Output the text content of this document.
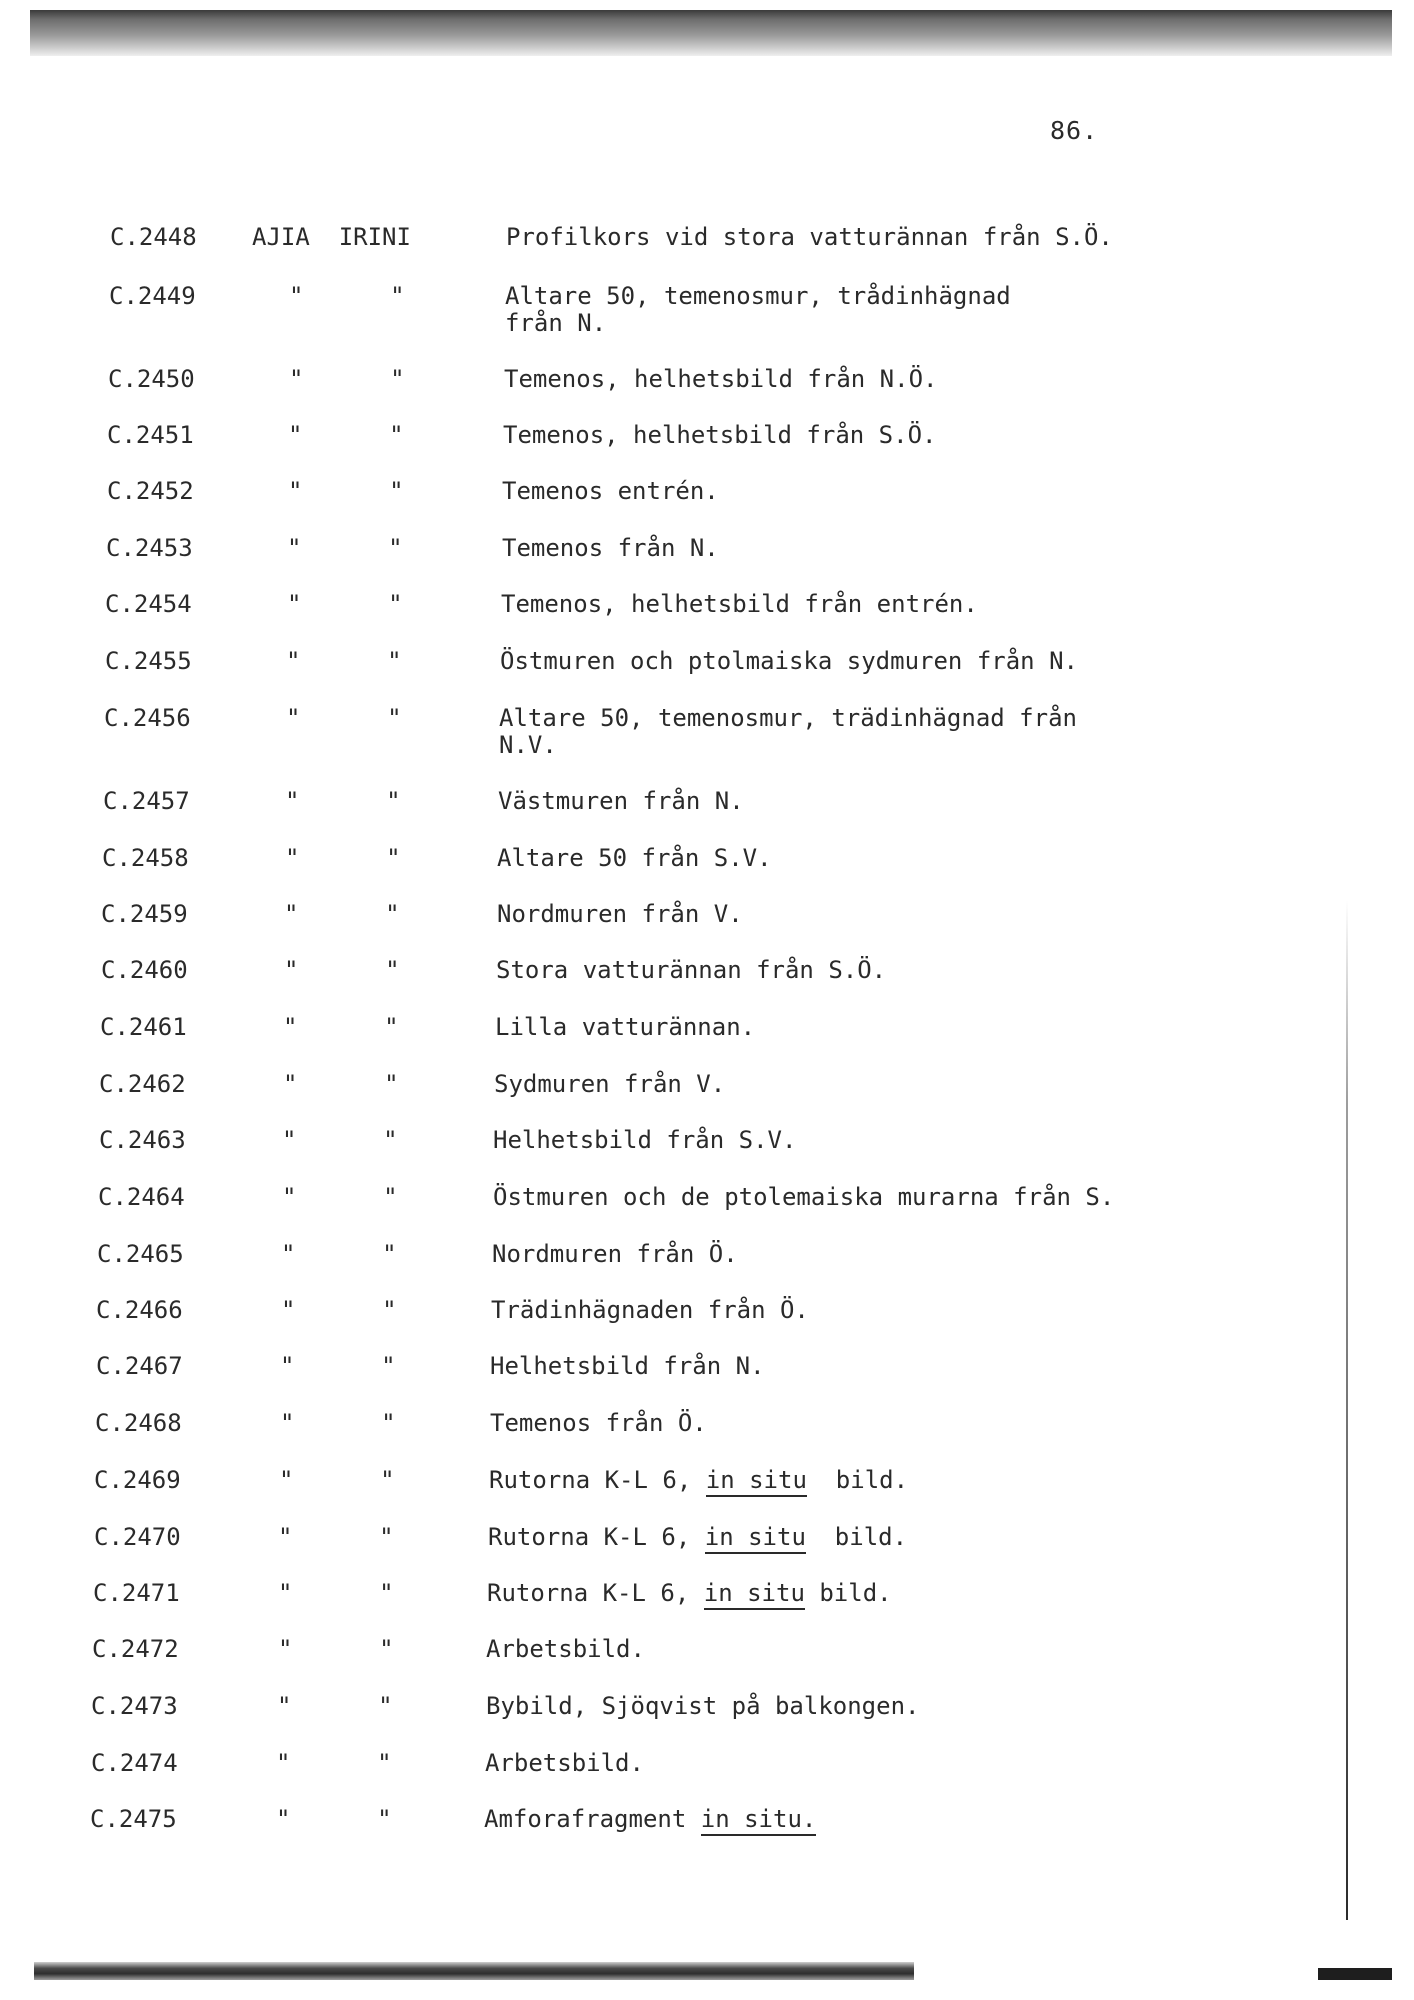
86.
C.2448 AJIA  IRINI	Profilkors vid stora vatturännan från S.Ö.
C.2449	"      "	Altare 50, temenosmur, trådinhägnad
från N.
C.2450	"      "	Temenos, helhetsbild från N.Ö.
C.2451	"      "	Temenos, helhetsbild från S.Ö.
C.2452	"      "	Temenos entrén.
C.2453	"      "	Temenos från N.
C.2454	"      "	Temenos, helhetsbild från entrén.
C.2455	"      "	Östmuren och ptolmaiska sydmuren från N.
C.2456	"      "	Altare 50, temenosmur, trädinhägnad från
N.V.
C.2457	"      "	Västmuren från N.
C.2458	"      "	Altare 50 från S.V.
C.2459	"      "	Nordmuren från V.
C.2460	"      "	Stora vatturännan från S.Ö.
C.2461	"      "	Lilla vatturännan.
C.2462	"      "	Sydmuren från V.
C.2463	"      "	Helhetsbild från S.V.
C.2464	"      "	Östmuren och de ptolemaiska murarna från S.
C.2465	"      "	Nordmuren från Ö.
C.2466	"      "	Trädinhägnaden från Ö.
C.2467	"      "	Helhetsbild från N.
C.2468	"      "	Temenos från Ö.
C.2469	"      "	Rutorna K-L 6, in situ  bild.
C.2470	"      "	Rutorna K-L 6, in situ  bild.
C.2471	"      "	Rutorna K-L 6, in situ bild.
C.2472	"      "	Arbetsbild.
C.2473	"      "	Bybild, Sjöqvist på balkongen.
C.2474	"      "	Arbetsbild.
C.2475	"      "	Amforafragment in situ.
